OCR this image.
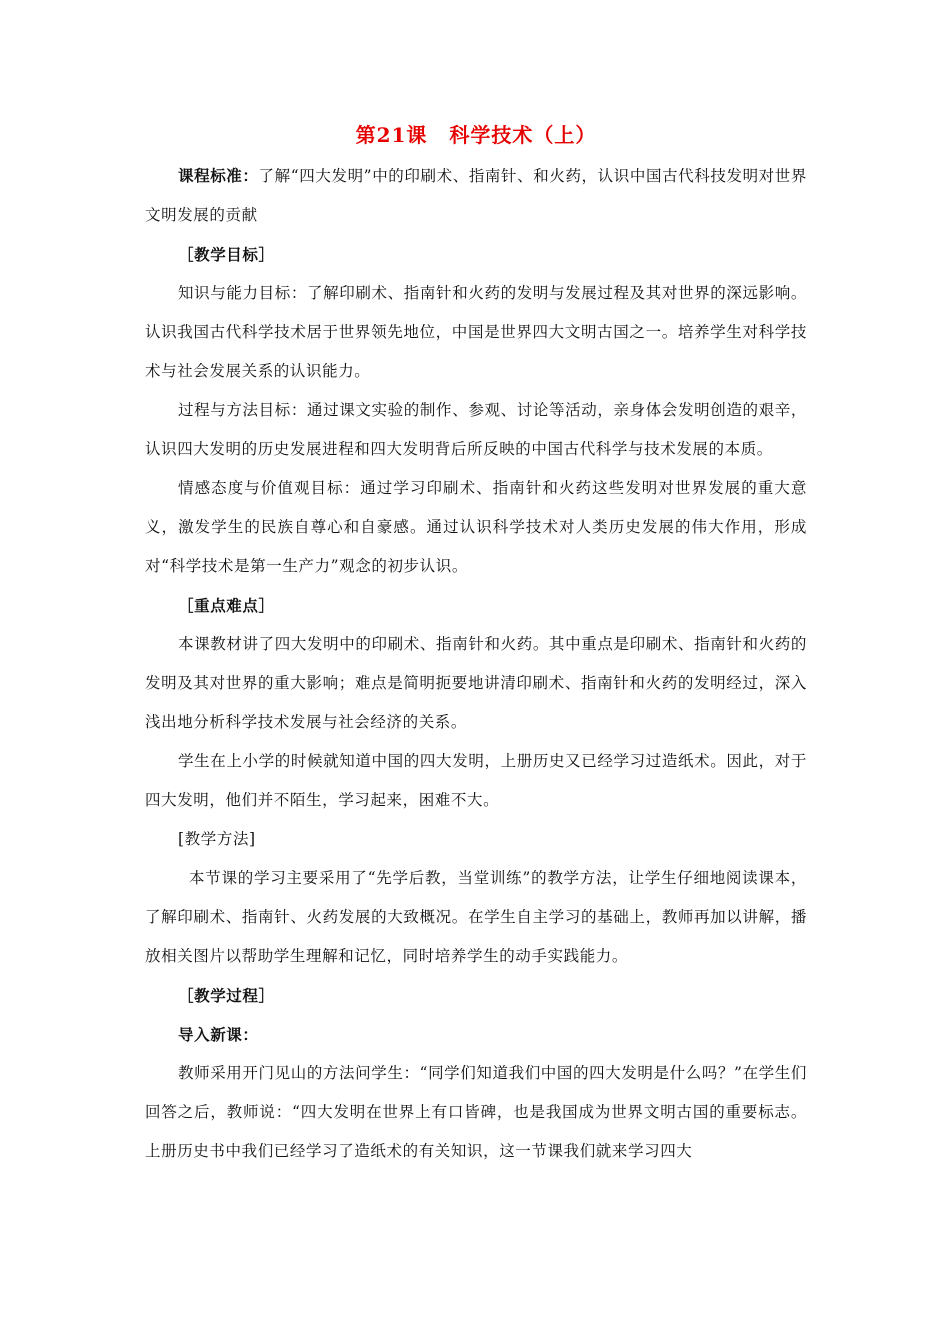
第21课 科学技术（上）

课程标准：了解“四大发明”中的印刷术、指南针、和火药，认识中国古代科技发明对世界文明发展的贡献

［教学目标］

知识与能力目标：了解印刷术、指南针和火药的发明与发展过程及其对世界的深远影响。认识我国古代科学技术居于世界领先地位，中国是世界四大文明古国之一。培养学生对科学技术与社会发展关系的认识能力。

过程与方法目标：通过课文实验的制作、参观、讨论等活动，亲身体会发明创造的艰辛，认识四大发明的历史发展进程和四大发明背后所反映的中国古代科学与技术发展的本质。

情感态度与价值观目标：通过学习印刷术、指南针和火药这些发明对世界发展的重大意义，激发学生的民族自尊心和自豪感。通过认识科学技术对人类历史发展的伟大作用，形成对“科学技术是第一生产力”观念的初步认识。

［重点难点］

本课教材讲了四大发明中的印刷术、指南针和火药。其中重点是印刷术、指南针和火药的发明及其对世界的重大影响；难点是简明扼要地讲清印刷术、指南针和火药的发明经过，深入浅出地分析科学技术发展与社会经济的关系。

学生在上小学的时候就知道中国的四大发明，上册历史又已经学习过造纸术。因此，对于四大发明，他们并不陌生，学习起来，困难不大。

[教学方法]

本节课的学习主要采用了“先学后教，当堂训练”的教学方法，让学生仔细地阅读课本，了解印刷术、指南针、火药发展的大致概况。在学生自主学习的基础上，教师再加以讲解，播放相关图片以帮助学生理解和记忆，同时培养学生的动手实践能力。

［教学过程］

导入新课：

教师采用开门见山的方法问学生：“同学们知道我们中国的四大发明是什么吗？”在学生们回答之后，教师说：“四大发明在世界上有口皆碑，也是我国成为世界文明古国的重要标志。上册历史书中我们已经学习了造纸术的有关知识，这一节课我们就来学习四大
